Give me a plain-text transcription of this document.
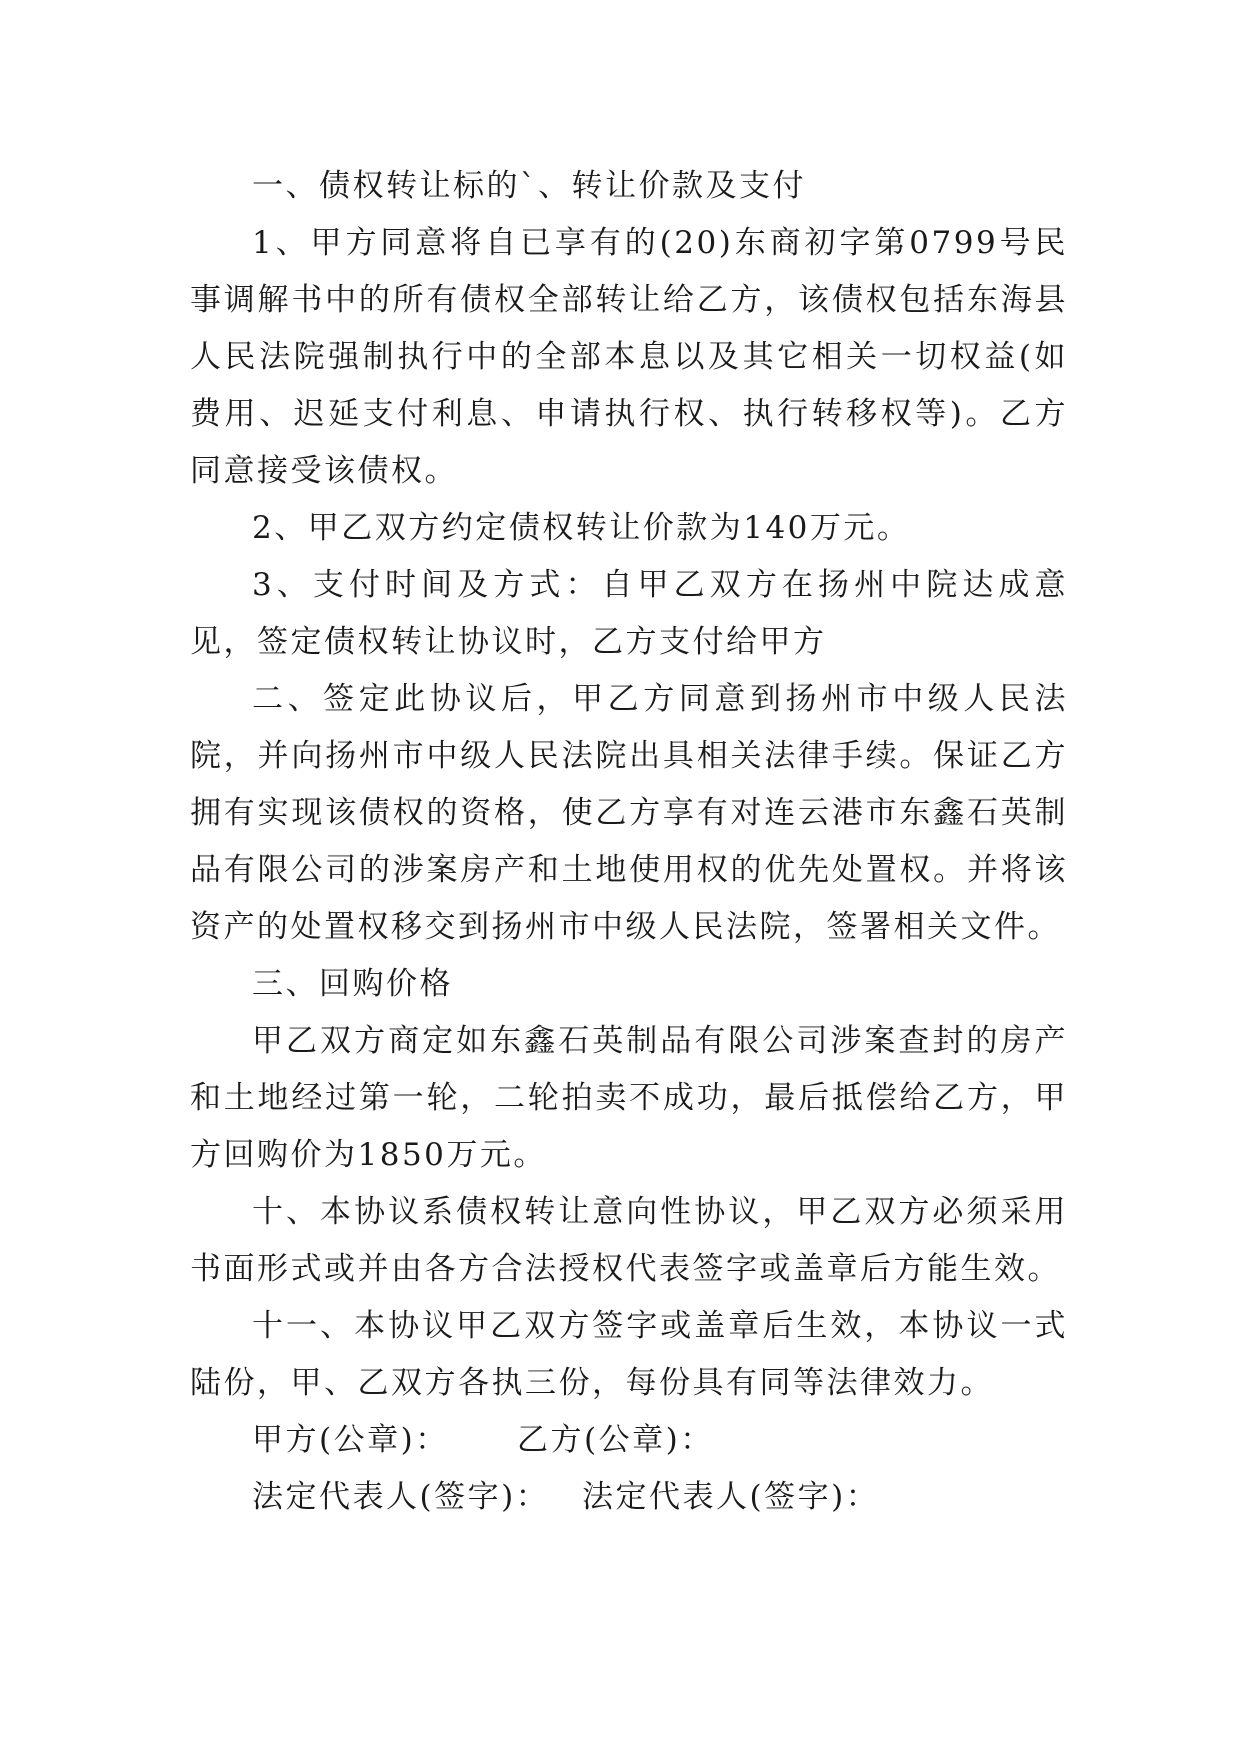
一、债权转让标的`、转让价款及支付

1、甲方同意将自已享有的(20)东商初字第0799号民事调解书中的所有债权全部转让给乙方，该债权包括东海县人民法院强制执行中的全部本息以及其它相关一切权益(如费用、迟延支付利息、申请执行权、执行转移权等)。乙方同意接受该债权。

2、甲乙双方约定债权转让价款为140万元。

3、支付时间及方式：自甲乙双方在扬州中院达成意见，签定债权转让协议时，乙方支付给甲方

二、签定此协议后，甲乙方同意到扬州市中级人民法院，并向扬州市中级人民法院出具相关法律手续。保证乙方拥有实现该债权的资格，使乙方享有对连云港市东鑫石英制品有限公司的涉案房产和土地使用权的优先处置权。并将该资产的处置权移交到扬州市中级人民法院，签署相关文件。

三、回购价格

甲乙双方商定如东鑫石英制品有限公司涉案查封的房产和土地经过第一轮，二轮拍卖不成功，最后抵偿给乙方，甲方回购价为1850万元。

十、本协议系债权转让意向性协议，甲乙双方必须采用书面形式或并由各方合法授权代表签字或盖章后方能生效。

十一、本协议甲乙双方签字或盖章后生效，本协议一式陆份，甲、乙双方各执三份，每份具有同等法律效力。

甲方(公章)： 乙方(公章)：
法定代表人(签字)： 法定代表人(签字)：
